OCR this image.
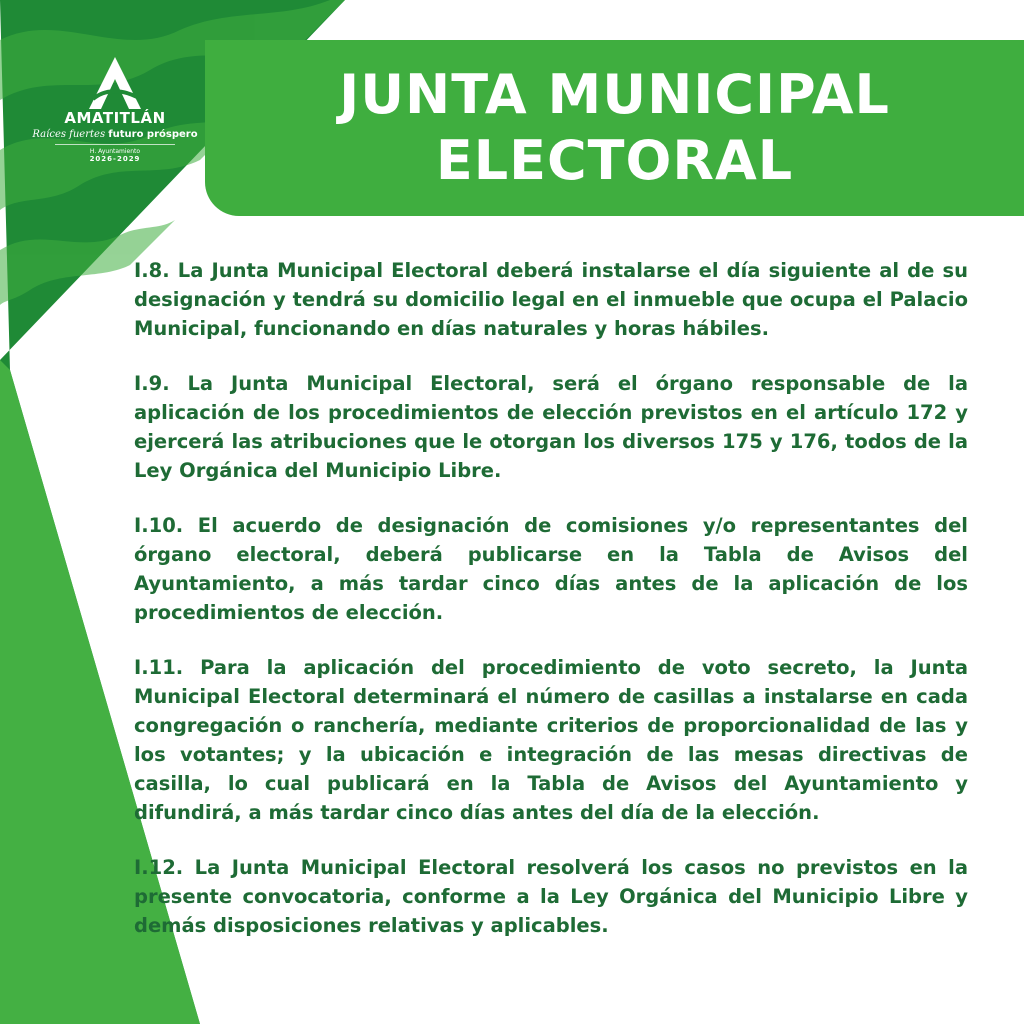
AMATITLÁN
Raíces fuertes futuro próspero
H. Ayuntamiento
2026-2029
JUNTA MUNICIPAL
ELECTORAL

I.8. La Junta Municipal Electoral deberá instalarse el día siguiente al de su designación y tendrá su domicilio legal en el inmueble que ocupa el Palacio Municipal, funcionando en días naturales y horas hábiles.

I.9. La Junta Municipal Electoral, será el órgano responsable de la aplicación de los procedimientos de elección previstos en el artículo 172 y ejercerá las atribuciones que le otorgan los diversos 175 y 176, todos de la Ley Orgánica del Municipio Libre.

I.10. El acuerdo de designación de comisiones y/o representantes del órgano electoral, deberá publicarse en la Tabla de Avisos del Ayuntamiento, a más tardar cinco días antes de la aplicación de los procedimientos de elección.

I.11. Para la aplicación del procedimiento de voto secreto, la Junta Municipal Electoral determinará el número de casillas a instalarse en cada congregación o ranchería, mediante criterios de proporcionalidad de las y los votantes; y la ubicación e integración de las mesas directivas de casilla, lo cual publicará en la Tabla de Avisos del Ayuntamiento y difundirá, a más tardar cinco días antes del día de la elección.

I.12. La Junta Municipal Electoral resolverá los casos no previstos en la presente convocatoria, conforme a la Ley Orgánica del Municipio Libre y demás disposiciones relativas y aplicables.
